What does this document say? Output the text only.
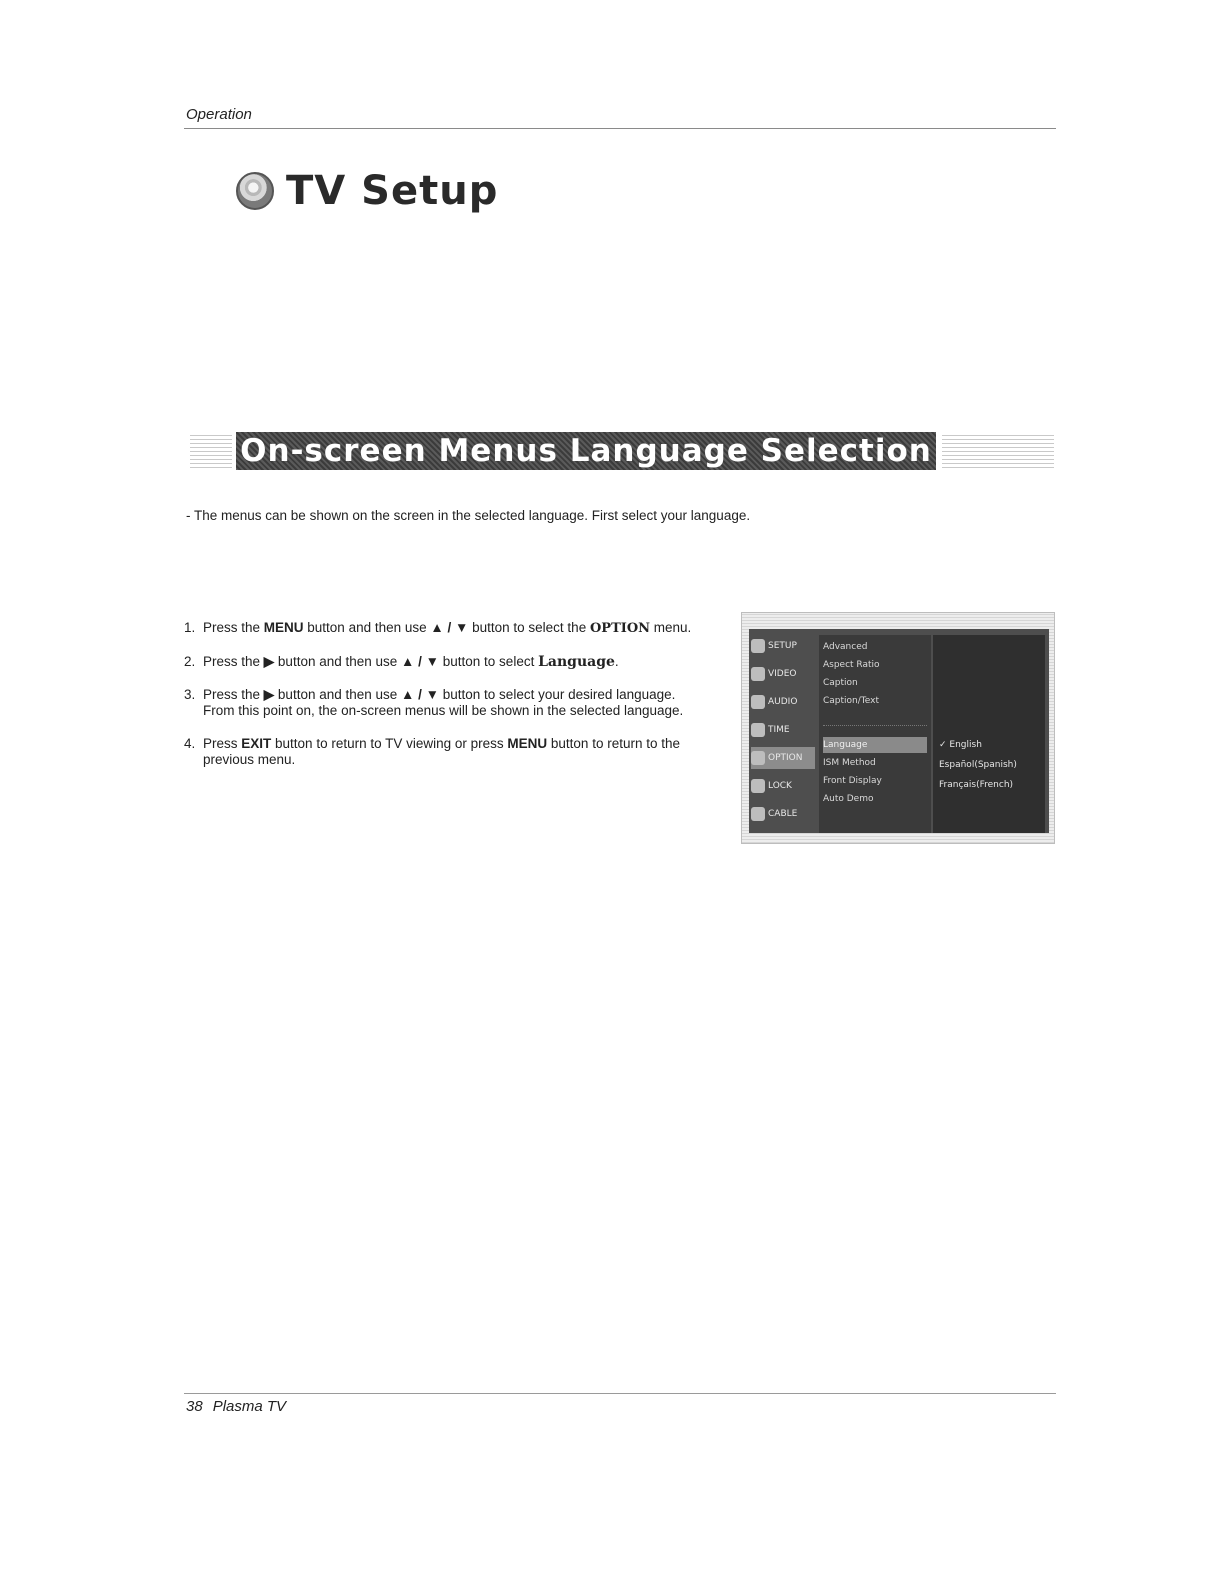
Operation
TV Setup
On-screen Menus Language Selection
- The menus can be shown on the screen in the selected language. First select your language.
1. Press the MENU button and then use ▲ / ▼ button to select the OPTION menu.
2. Press the ▶ button and then use ▲ / ▼ button to select Language.
3. Press the ▶ button and then use ▲ / ▼ button to select your desired language.
From this point on, the on-screen menus will be shown in the selected language.
4. Press EXIT button to return to TV viewing or press MENU button to return to the previous menu.
SETUP
VIDEO
AUDIO
TIME
OPTION
LOCK
CABLE
Advanced
Aspect Ratio
Caption
Caption/Text
Language
ISM Method
Front Display
Auto Demo
✓ English
Español(Spanish)
Français(French)
38 Plasma TV
